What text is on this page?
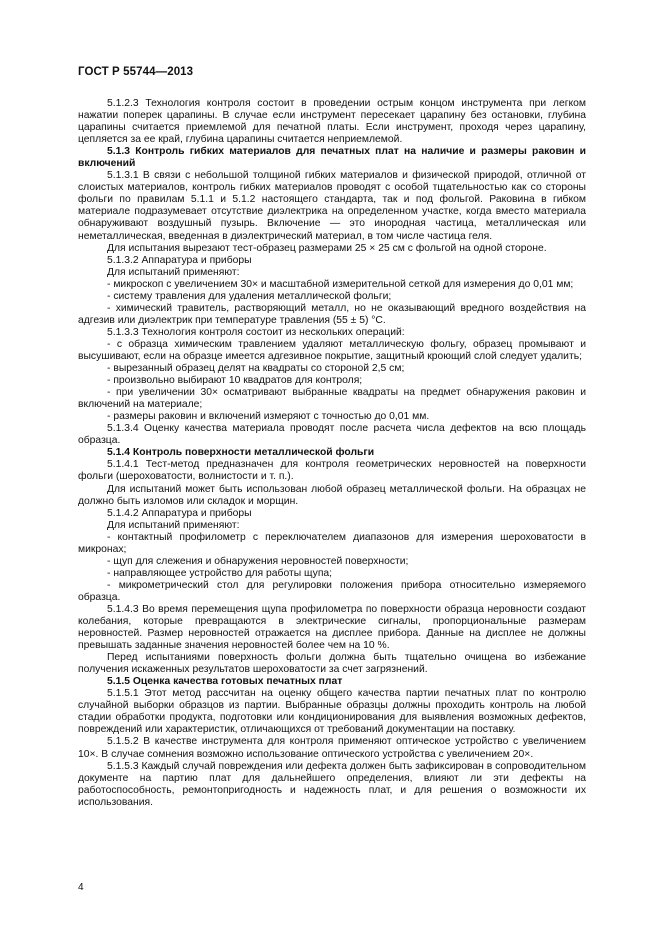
ГОСТ Р 55744—2013

5.1.2.3 Технология контроля состоит в проведении острым концом инструмента при легком нажатии поперек царапины. В случае если инструмент пересекает царапину без остановки, глубина царапины считается приемлемой для печатной платы. Если инструмент, проходя через царапину, цепляется за ее край, глубина царапины считается неприемлемой.

5.1.3 Контроль гибких материалов для печатных плат на наличие и размеры раковин и включений

5.1.3.1 В связи с небольшой толщиной гибких материалов и физической природой, отличной от слоистых материалов, контроль гибких материалов проводят с особой тщательностью как со стороны фольги по правилам 5.1.1 и 5.1.2 настоящего стандарта, так и под фольгой. Раковина в гибком материале подразумевает отсутствие диэлектрика на определенном участке, когда вместо материала обнаруживают воздушный пузырь. Включение — это инородная частица, металлическая или неметаллическая, введенная в диэлектрический материал, в том числе частица геля.

Для испытания вырезают тест-образец размерами 25 × 25 см с фольгой на одной стороне.

5.1.3.2 Аппаратура и приборы

Для испытаний применяют:

- микроскоп с увеличением 30× и масштабной измерительной сеткой для измерения до 0,01 мм;

- систему травления для удаления металлической фольги;

- химический травитель, растворяющий металл, но не оказывающий вредного воздействия на адгезив или диэлектрик при температуре травления (55 ± 5) °С.

5.1.3.3 Технология контроля состоит из нескольких операций:

- с образца химическим травлением удаляют металлическую фольгу, образец промывают и высушивают, если на образце имеется адгезивное покрытие, защитный кроющий слой следует удалить;

- вырезанный образец делят на квадраты со стороной 2,5 см;

- произвольно выбирают 10 квадратов для контроля;

- при увеличении 30× осматривают выбранные квадраты на предмет обнаружения раковин и включений на материале;

- размеры раковин и включений измеряют с точностью до 0,01 мм.

5.1.3.4 Оценку качества материала проводят после расчета числа дефектов на всю площадь образца.

5.1.4 Контроль поверхности металлической фольги

5.1.4.1 Тест-метод предназначен для контроля геометрических неровностей на поверхности фольги (шероховатости, волнистости и т. п.).

Для испытаний может быть использован любой образец металлической фольги. На образцах не должно быть изломов или складок и морщин.

5.1.4.2 Аппаратура и приборы

Для испытаний применяют:

- контактный профилометр с переключателем диапазонов для измерения шероховатости в микронах;

- щуп для слежения и обнаружения неровностей поверхности;

- направляющее устройство для работы щупа;

- микрометрический стол для регулировки положения прибора относительно измеряемого образца.

5.1.4.3 Во время перемещения щупа профилометра по поверхности образца неровности создают колебания, которые превращаются в электрические сигналы, пропорциональные размерам неровностей. Размер неровностей отражается на дисплее прибора. Данные на дисплее не должны превышать заданные значения неровностей более чем на 10 %.

Перед испытаниями поверхность фольги должна быть тщательно очищена во избежание получения искаженных результатов шероховатости за счет загрязнений.

5.1.5 Оценка качества готовых печатных плат

5.1.5.1 Этот метод рассчитан на оценку общего качества партии печатных плат по контролю случайной выборки образцов из партии. Выбранные образцы должны проходить контроль на любой стадии обработки продукта, подготовки или кондиционирования для выявления возможных дефектов, повреждений или характеристик, отличающихся от требований документации на поставку.

5.1.5.2 В качестве инструмента для контроля применяют оптическое устройство с увеличением 10×. В случае сомнения возможно использование оптического устройства с увеличением 20×.

5.1.5.3 Каждый случай повреждения или дефекта должен быть зафиксирован в сопроводительном документе на партию плат для дальнейшего определения, влияют ли эти дефекты на работоспособность, ремонтопригодность и надежность плат, и для решения о возможности их использования.

4
